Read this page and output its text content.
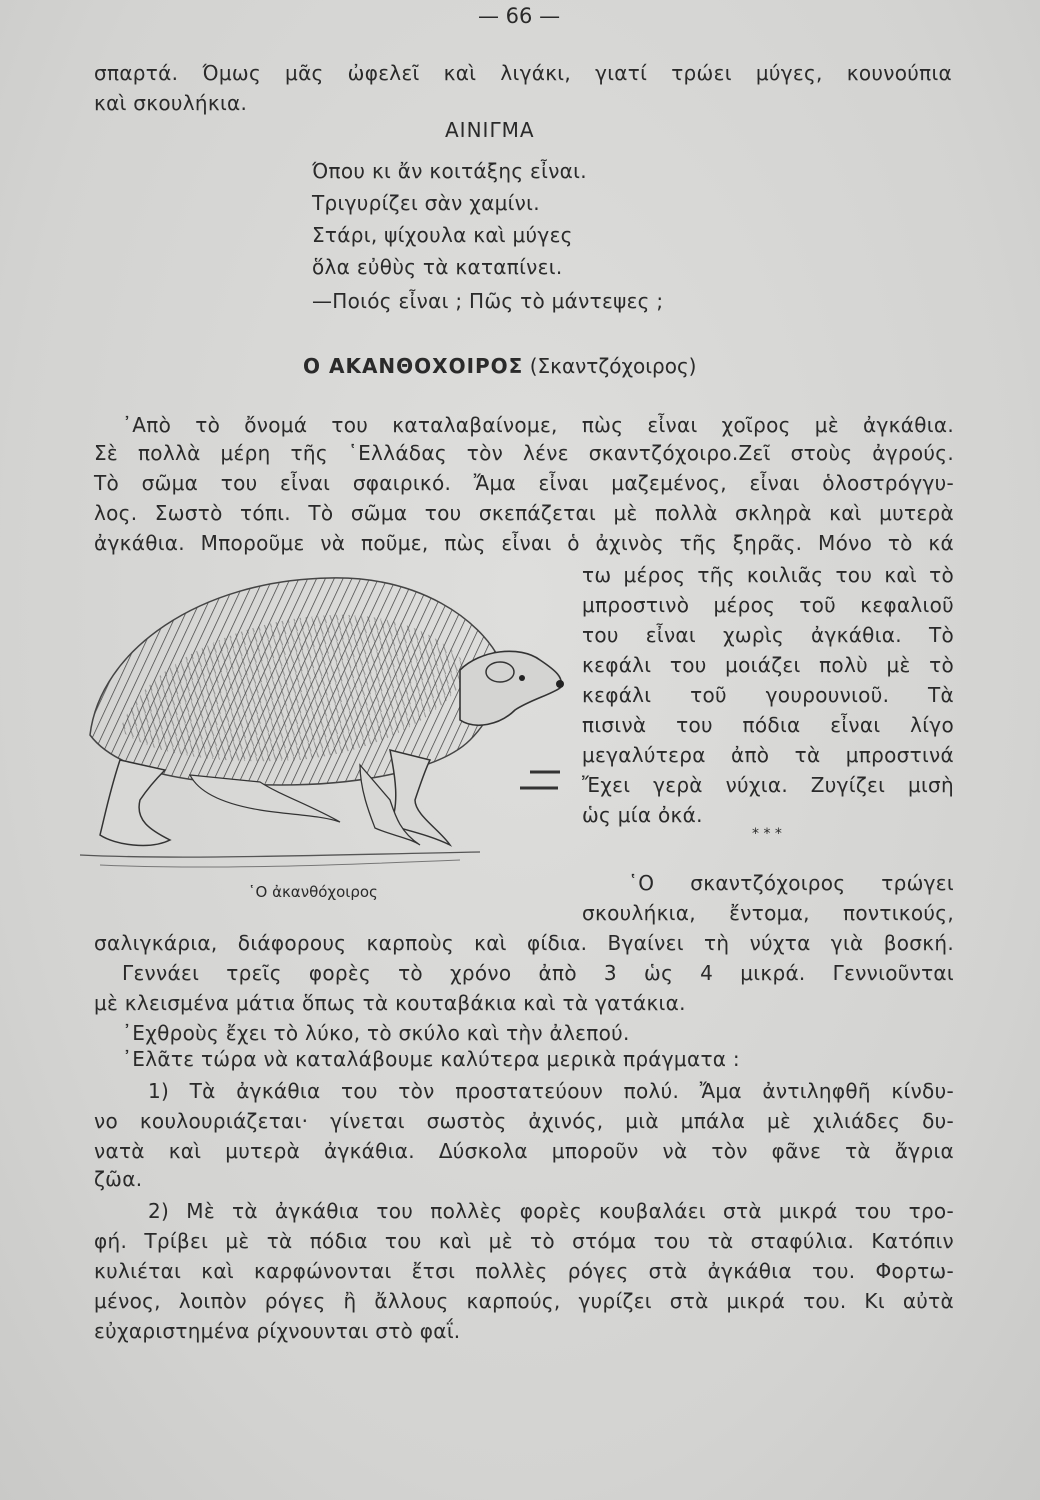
— 66 —
σπαρτά. Όμως μᾶς ὠφελεῖ καὶ λιγάκι, γιατί τρώει μύγες, κουνούπια
καὶ σκουλήκια.
ΑΙΝΙΓΜΑ
Όπου κι ἄν κοιτάξης εἶναι.
Τριγυρίζει σὰν χαμίνι.
Στάρι, ψίχουλα καὶ μύγες
ὅλα εὐθὺς τὰ καταπίνει.
—Ποιός εἶναι ; Πῶς τὸ μάντεψες ;
Ο ΑΚΑΝΘΟΧΟΙΡΟΣ (Σκαντζόχοιρος)
᾿Απὸ τὸ ὄνομά του καταλαβαίνομε, πὼς εἶναι χοῖρος μὲ ἀγκάθια.
Σὲ πολλὰ μέρη τῆς ῾Ελλάδας τὸν λένε σκαντζόχοιρο.Ζεῖ στοὺς ἀγρούς.
Τὸ σῶμα του εἶναι σφαιρικό. Ἄμα εἶναι μαζεμένος, εἶναι ὁλοστρόγγυ-
λος. Σωστὸ τόπι. Τὸ σῶμα του σκεπάζεται μὲ πολλὰ σκληρὰ καὶ μυτερὰ
ἀγκάθια. Μποροῦμε νὰ ποῦμε, πὼς εἶναι ὁ ἀχινὸς τῆς ξηρᾶς. Μόνο τὸ κά
τω μέρος τῆς κοιλιᾶς του καὶ τὸ
μπροστινὸ μέρος τοῦ κεφαλιοῦ
του εἶναι χωρὶς ἀγκάθια. Τὸ
κεφάλι του μοιάζει πολὺ μὲ τὸ
κεφάλι τοῦ γουρουνιοῦ. Τὰ
πισινὰ του πόδια εἶναι λίγο
μεγαλύτερα ἀπὸ τὰ μπροστινά
Ἔχει γερὰ νύχια. Ζυγίζει μισὴ
ὡς μία ὀκά.
* * *
῾Ο ἀκανθόχοιρος	῾Ο σκαντζόχοιρος τρώγει
σκουλήκια, ἔντομα, ποντικούς,
σαλιγκάρια, διάφορους καρποὺς καὶ φίδια. Βγαίνει τὴ νύχτα γιὰ βοσκή.
Γεννάει τρεῖς φορὲς τὸ χρόνο ἀπὸ 3 ὡς 4 μικρά. Γεννιοῦνται
μὲ κλεισμένα μάτια ὅπως τὰ κουταβάκια καὶ τὰ γατάκια.
᾿Εχθροὺς ἔχει τὸ λύκο, τὸ σκύλο καὶ τὴν ἀλεπού.
᾿Ελᾶτε τώρα νὰ καταλάβουμε καλύτερα μερικὰ πράγματα :
1) Τὰ ἀγκάθια του τὸν προστατεύουν πολύ. Ἄμα ἀντιληφθῆ κίνδυ-
νο κουλουριάζεται· γίνεται σωστὸς ἀχινός, μιὰ μπάλα μὲ χιλιάδες δυ-
νατὰ καὶ μυτερὰ ἀγκάθια. Δύσκολα μποροῦν νὰ τὸν φᾶνε τὰ ἄγρια
ζῶα.
2) Μὲ τὰ ἀγκάθια του πολλὲς φορὲς κουβαλάει στὰ μικρά του τρο-
φή. Τρίβει μὲ τὰ πόδια του καὶ μὲ τὸ στόμα του τὰ σταφύλια. Κατόπιν
κυλιέται καὶ καρφώνονται ἔτσι πολλὲς ρόγες στὰ ἀγκάθια του. Φορτω-
μένος, λοιπὸν ρόγες ἢ ἄλλους καρπούς, γυρίζει στὰ μικρά του. Κι αὐτὰ
εὐχαριστημένα ρίχνουνται στὸ φαΐ.
